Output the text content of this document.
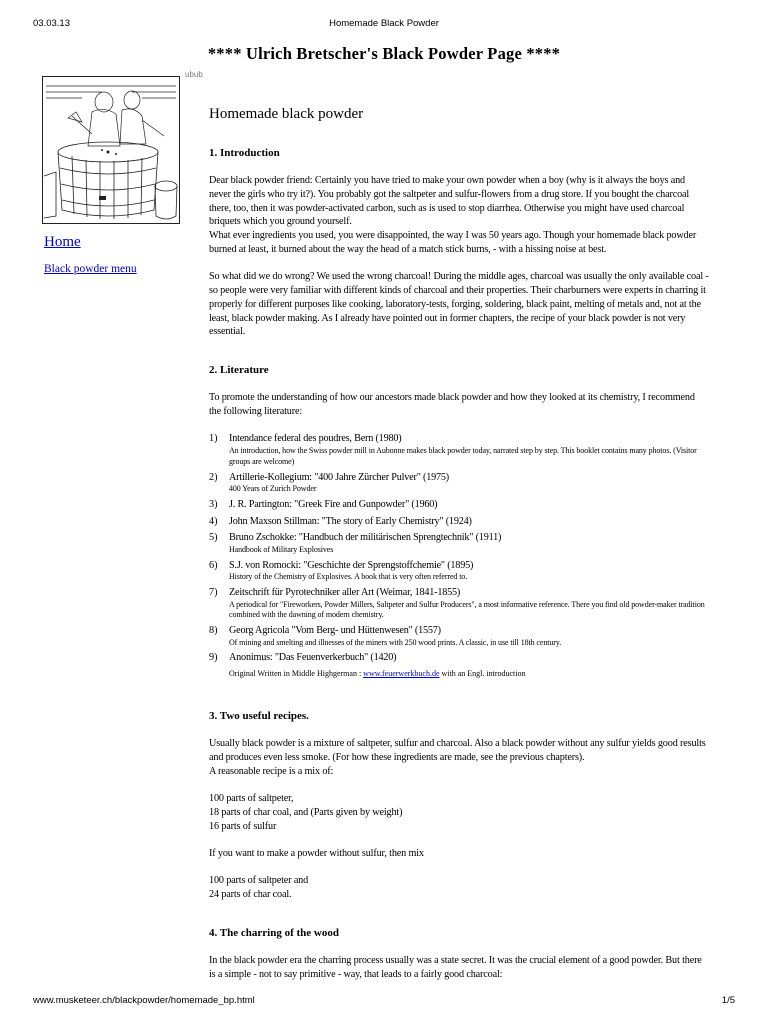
03.03.13	Homemade Black Powder
**** Ulrich Bretscher's Black Powder Page ****
ubub
Home
Black powder menu
Homemade black powder
1. Introduction

Dear black powder friend: Certainly you have tried to make your own powder when a boy (why is it always the boys and never the girls who try it?). You probably got the saltpeter and sulfur-flowers from a drug store. If you bought the charcoal there, too, then it was powder-activated carbon, such as is used to stop diarrhea. Otherwise you might have used charcoal briquets which you ground yourself.
What ever ingredients you used, you were disappointed, the way I was 50 years ago. Though your homemade black powder burned at least, it burned about the way the head of a match stick burns, - with a hissing noise at best.

So what did we do wrong? We used the wrong charcoal! During the middle ages, charcoal was usually the only available coal - so people were very familiar with different kinds of charcoal and their properties. Their charburners were experts in charring it properly for different purposes like cooking, laboratory-tests, forging, soldering, black paint, melting of metals and, not at the least, black powder making. As I already have pointed out in former chapters, the recipe of your black powder is not very essential.

2. Literature

To promote the understanding of how our ancestors made black powder and how they looked at its chemistry, I recommend the following literature:

1) Intendance federal des poudres, Bern (1980)
An introduction, how the Swiss powder mill in Aubonne makes black powder today, narrated step by step. This booklet contains many photos. (Visitor groups are welcome)
2) Artillerie-Kollegium: "400 Jahre Zürcher Pulver" (1975)
400 Years of Zurich Powder
3) J. R. Partington: "Greek Fire and Gunpowder" (1960)
4) John Maxson Stillman: "The story of Early Chemistry" (1924)
5) Bruno Zschokke: "Handbuch der militärischen Sprengtechnik" (1911)
Handbook of Military Explosives
6) S.J. von Romocki: "Geschichte der Sprengstoffchemie" (1895)
History of the Chemistry of Explosives. A book that is very often referred to.
7) Zeitschrift für Pyrotechniker aller Art (Weimar, 1841-1855)
A periodical for "Fireworkers, Powder Millers, Saltpeter and Sulfur Producers", a most informative reference. There you find old powder-maker tradition combined with the dawning of modern chemistry.
8) Georg Agricola "Vom Berg- und Hüttenwesen" (1557)
Of mining and smelting and illnesses of the miners with 250 wood prints. A classic, in use till 18th century.
9) Anonimus: "Das Feuenverkerbuch" (1420)

Original Written in Middle Highgerman : www.feuerwerkbuch.de with an Engl. introduction

3. Two useful recipes.

Usually black powder is a mixture of saltpeter, sulfur and charcoal. Also a black powder without any sulfur yields good results and produces even less smoke. (For how these ingredients are made, see the previous chapters).
A reasonable recipe is a mix of:

100 parts of saltpeter,
18 parts of char coal, and (Parts given by weight)
16 parts of sulfur

If you want to make a powder without sulfur, then mix

100 parts of saltpeter and
24 parts of char coal.

4. The charring of the wood

In the black powder era the charring process usually was a state secret. It was the crucial element of a good powder. But there is a simple - not to say primitive - way, that leads to a fairly good charcoal:

www.musketeer.ch/blackpowder/homemade_bp.html	1/5
